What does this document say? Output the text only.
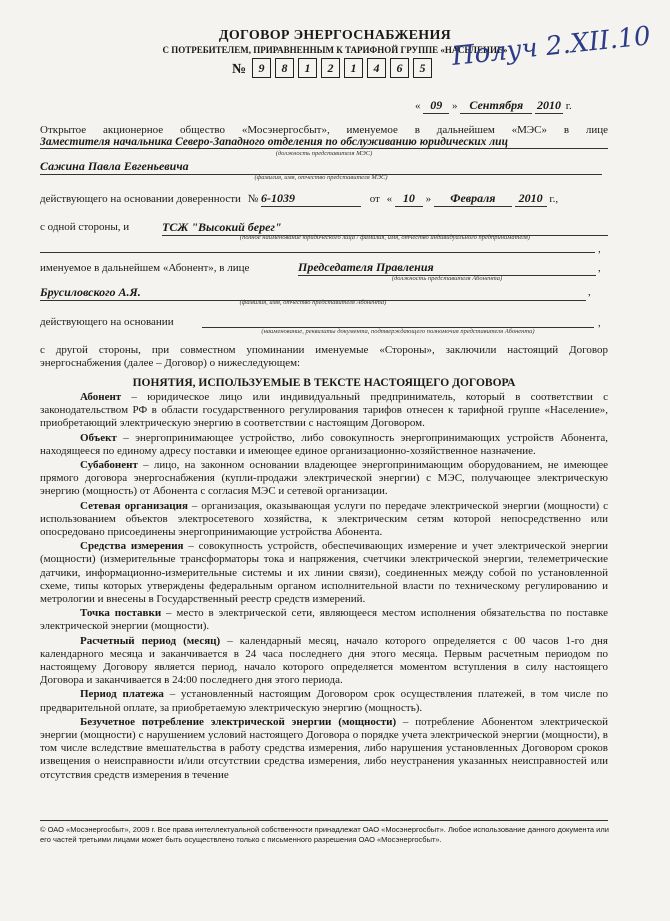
ДОГОВОР ЭНЕРГОСНАБЖЕНИЯ
С ПОТРЕБИТЕЛЕМ, ПРИРАВНЕННЫМ К ТАРИФНОЙ ГРУППЕ «НАСЕЛЕНИЕ»
№	9	8	1	2	1	4	6	5 Получ 2.XII.10
« 09 » Сентября 2010 г.
Открытое акционерное общество «Мосэнергосбыт», именуемое в дальнейшем «МЭС» в лице
Заместителя начальника Северо-Западного отделения по обслуживанию юридических лиц
(должность представителя МЭС)
Сажина Павла Евгеньевича
(фамилия, имя, отчество представителя МЭС)
действующего на основании доверенности № 6-1039	от « 10 » Февраля 2010 г.,
с одной стороны, и	ТСЖ "Высокий берег"
(полное наименование юридического лица / фамилия, имя, отчество индивидуального предпринимателя)
,
именуемое в дальнейшем «Абонент», в лице	Председателя Правления
(должность представителя Абонента)
,
Брусиловского А.Я.
(фамилия, имя, отчество представителя Абонента)
,
действующего на основании
(наименование, реквизиты документа, подтверждающего полномочия представителя Абонента)
,

с другой стороны, при совместном упоминании именуемые «Стороны», заключили настоящий Договор энергоснабжения (далее – Договор) о нижеследующем:

ПОНЯТИЯ, ИСПОЛЬЗУЕМЫЕ В ТЕКСТЕ НАСТОЯЩЕГО ДОГОВОРА

Абонент – юридическое лицо или индивидуальный предприниматель, который в соответствии с законодательством РФ в области государственного регулирования тарифов отнесен к тарифной группе «Население», приобретающий электрическую энергию в соответствии с настоящим Договором.

Объект – энергопринимающее устройство, либо совокупность энергопринимающих устройств Абонента, находящееся по единому адресу поставки и имеющее единое организационно-хозяйственное назначение.

Субабонент – лицо, на законном основании владеющее энергопринимающим оборудованием, не имеющее прямого договора энергоснабжения (купли-продажи электрической энергии) с МЭС, получающее электрическую энергию (мощность) от Абонента с согласия МЭС и сетевой организации.

Сетевая организация – организация, оказывающая услуги по передаче электрической энергии (мощности) с использованием объектов электросетевого хозяйства, к электрическим сетям которой непосредственно или опосредовано присоединены энергопринимающие устройства Абонента.

Средства измерения – совокупность устройств, обеспечивающих измерение и учет электрической энергии (мощности) (измерительные трансформаторы тока и напряжения, счетчики электрической энергии, телеметрические датчики, информационно-измерительные системы и их линии связи), соединенных между собой по установленной схеме, типы которых утверждены федеральным органом исполнительной власти по техническому регулированию и метрологии и внесены в Государственный реестр средств измерений.

Точка поставки – место в электрической сети, являющееся местом исполнения обязательства по поставке электрической энергии (мощности).

Расчетный период (месяц) – календарный месяц, начало которого определяется с 00 часов 1-го дня календарного месяца и заканчивается в 24 часа последнего дня этого месяца. Первым расчетным периодом по настоящему Договору является период, начало которого определяется моментом вступления в силу настоящего Договора и заканчивается в 24:00 последнего дня этого периода.

Период платежа – установленный настоящим Договором срок осуществления платежей, в том числе по предварительной оплате, за приобретаемую электрическую энергию (мощность).

Безучетное потребление электрической энергии (мощности) – потребление Абонентом электрической энергии (мощности) с нарушением условий настоящего Договора о порядке учета электрической энергии (мощности), в том числе вследствие вмешательства в работу средства измерения, либо нарушения установленных Договором сроков извещения о неисправности и/или отсутствии средства измерения, либо неустранения указанных неисправностей или отсутствия средств измерения в течение

© ОАО «Мосэнергосбыт», 2009 г. Все права интеллектуальной собственности принадлежат ОАО «Мосэнергосбыт». Любое использование данного документа или его частей третьими лицами может быть осуществлено только с письменного разрешения ОАО «Мосэнергосбыт».
